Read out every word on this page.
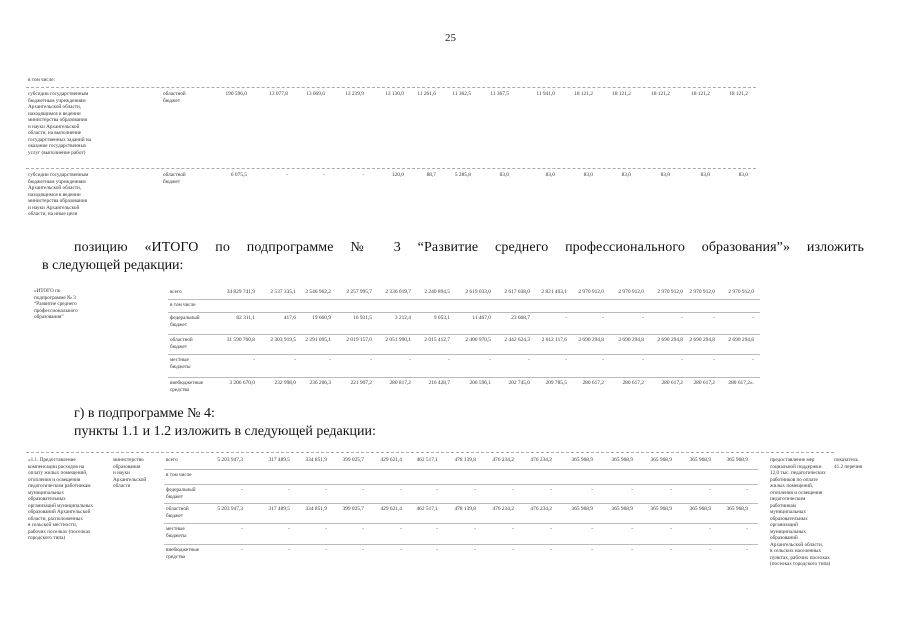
25
в том числе:
субсидии государственным
бюджетным учреждениям
Архангельской области,
находящимся в ведении
министерства образования
и науки Архангельской
области, на выполнение
государственных заданий на
оказание государственных
услуг (выполнение работ)
областной
бюджет
190 596,0	13 077,8	13 069,6	13 239,9	13 130,0	11 261,6	11 362,5	11 367,5	11 941,0	18 121,2	18 121,2	18 121,2	18 121,2	18 121,2
субсидии государственным
бюджетным учреждениям
Архангельской области,
находящимся в ведении
министерства образования
и науки Архангельской
области, на иные цели
областной
бюджет
6 075,5	-	-	-	120,0	88,7	5 285,8	83,0	83,0	83,0	83,0	83,0	83,0	83,0
позицию «ИТОГО по подпрограмме № 3 “Развитие среднего профессионального образования”» изложить
в следующей редакции:
«ИТОГО по
подпрограмме № 3
“Развитие среднего
профессионального
образования”
всего	34 829 741,9	2 537 335,1	2 546 962,2	2 257 995,7	2 336 019,7	2 240 894,5	2 619 033,0	2 617 038,0	2 821 403,1	2 970 912,0	2 970 912,0	2 970 912,0	2 970 912,0	2 970 912,0
в том числе
федеральный
бюджет
82 311,1	417,6	19 660,9	16 931,5	3 212,4	9 053,1	11 467,0	23 668,7	-	-	-	-	-	-
областной
бюджет
31 590 760,8	2 303 919,5	2 291 095,1	2 019 157,0	2 051 990,1	2 015 412,7	2 400 970,5	2 442 624,3	2 612 117,6	2 690 294,8	2 690 294,8	2 690 294,8	2 690 294,8	2 690 294,8
местные
бюджеты
-	-	-	-	-	-	-	-	-	-	-	-	-	-
внебюджетные
средства
3 206 670,0	232 998,0	236 206,3	221 907,2	280 817,2	216 428,7	206 596,1	202 745,0	209 785,5	280 617,2	280 617,2	280 617,2	280 617,2	280 617,2».
г) в подпрограмме № 4:
пункты 1.1 и 1.2 изложить в следующей редакции:
«1.1. Предоставление
компенсации расходов на
оплату жилых помещений,
отопления и освещения
педагогическим работникам
муниципальных
образовательных
организаций муниципальных
образований Архангельской
области, расположенных
в сельской местности,
рабочих поселках (поселках
городского типа)
министерство
образования
и науки
Архангельской
области
всего	5 203 947,3	317 489,5	334 851,9	399 025,7	429 621,4	462 517,1	478 139,8	476 234,2	476 234,2	365 968,9	365 968,9	365 968,9	365 968,9	365 968,9
в том числе
федеральный
бюджет
-	-	-	-	-	-	-	-	-	-	-	-	-	-
областной
бюджет
5 203 947,3	317 489,5	334 851,9	399 025,7	429 621,4	462 517,1	478 139,8	476 234,2	476 234,2	365 968,9	365 968,9	365 968,9	365 968,9	365 968,9
местные
бюджеты
-	-	-	-	-	-	-	-	-	-	-	-	-	-
внебюджетные
средства
-	-	-	-	-	-	-	-	-	-	-	-	-	-
предоставление мер
социальной поддержки
12,0 тыс. педагогических
работников по оплате
жилых помещений,
отопления и освещения
педагогическим
работникам
муниципальных
образовательных
организаций
муниципальных
образований
Архангельской области,
в сельских населенных
пунктах, рабочих поселках
(поселках городского типа)
показатель
41.2 перечня
